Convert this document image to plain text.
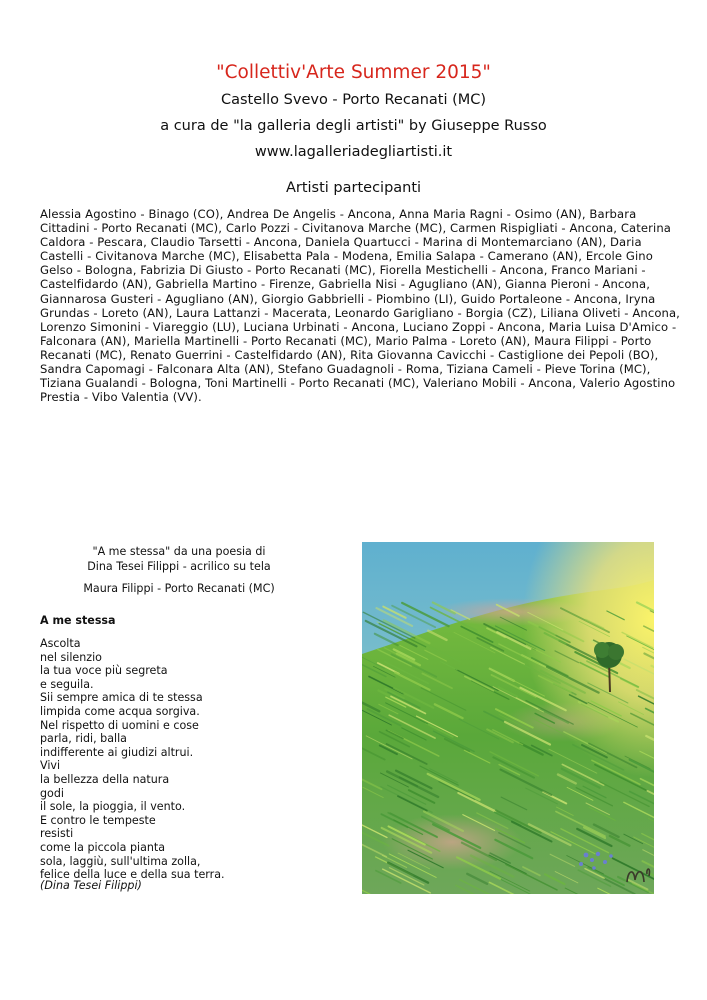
"Collettiv'Arte Summer 2015"

Castello Svevo - Porto Recanati (MC)

a cura de "la galleria degli artisti" by Giuseppe Russo

www.lagalleriadegliartisti.it

Artisti partecipanti

Alessia Agostino - Binago (CO), Andrea De Angelis - Ancona, Anna Maria Ragni - Osimo (AN), Barbara Cittadini - Porto Recanati (MC), Carlo Pozzi - Civitanova Marche (MC), Carmen Rispigliati - Ancona, Caterina Caldora - Pescara, Claudio Tarsetti - Ancona, Daniela Quartucci - Marina di Montemarciano (AN), Daria Castelli - Civitanova Marche (MC), Elisabetta Pala - Modena, Emilia Salapa - Camerano (AN), Ercole Gino Gelso - Bologna, Fabrizia Di Giusto - Porto Recanati (MC), Fiorella Mestichelli - Ancona, Franco Mariani - Castelfidardo (AN), Gabriella Martino - Firenze, Gabriella Nisi - Agugliano (AN), Gianna Pieroni - Ancona, Giannarosa Gusteri - Agugliano (AN), Giorgio Gabbrielli - Piombino (LI), Guido Portaleone - Ancona, Iryna Grundas - Loreto (AN), Laura Lattanzi - Macerata, Leonardo Garigliano - Borgia (CZ), Liliana Oliveti - Ancona, Lorenzo Simonini - Viareggio (LU), Luciana Urbinati - Ancona, Luciano Zoppi - Ancona, Maria Luisa D'Amico - Falconara (AN), Mariella Martinelli - Porto Recanati (MC), Mario Palma - Loreto (AN), Maura Filippi - Porto Recanati (MC), Renato Guerrini - Castelfidardo (AN), Rita Giovanna Cavicchi - Castiglione dei Pepoli (BO), Sandra Capomagi - Falconara Alta (AN), Stefano Guadagnoli - Roma, Tiziana Cameli - Pieve Torina (MC), Tiziana Gualandi - Bologna, Toni Martinelli - Porto Recanati (MC), Valeriano Mobili - Ancona, Valerio Agostino Prestia - Vibo Valentia (VV).

"A me stessa" da una poesia di

Dina Tesei Filippi - acrilico su tela

Maura Filippi - Porto Recanati (MC)

A me stessa

Ascolta
nel silenzio
la tua voce più segreta
e seguila.
Sii sempre amica di te stessa
limpida come acqua sorgiva.
Nel rispetto di uomini e cose
parla, ridi, balla
indifferente ai giudizi altrui.
Vivi
la bellezza della natura
godi
il sole, la pioggia, il vento.
E contro le tempeste
resisti
come la piccola pianta
sola, laggiù, sull'ultima zolla,
felice della luce e della sua terra.

(Dina Tesei Filippi)
